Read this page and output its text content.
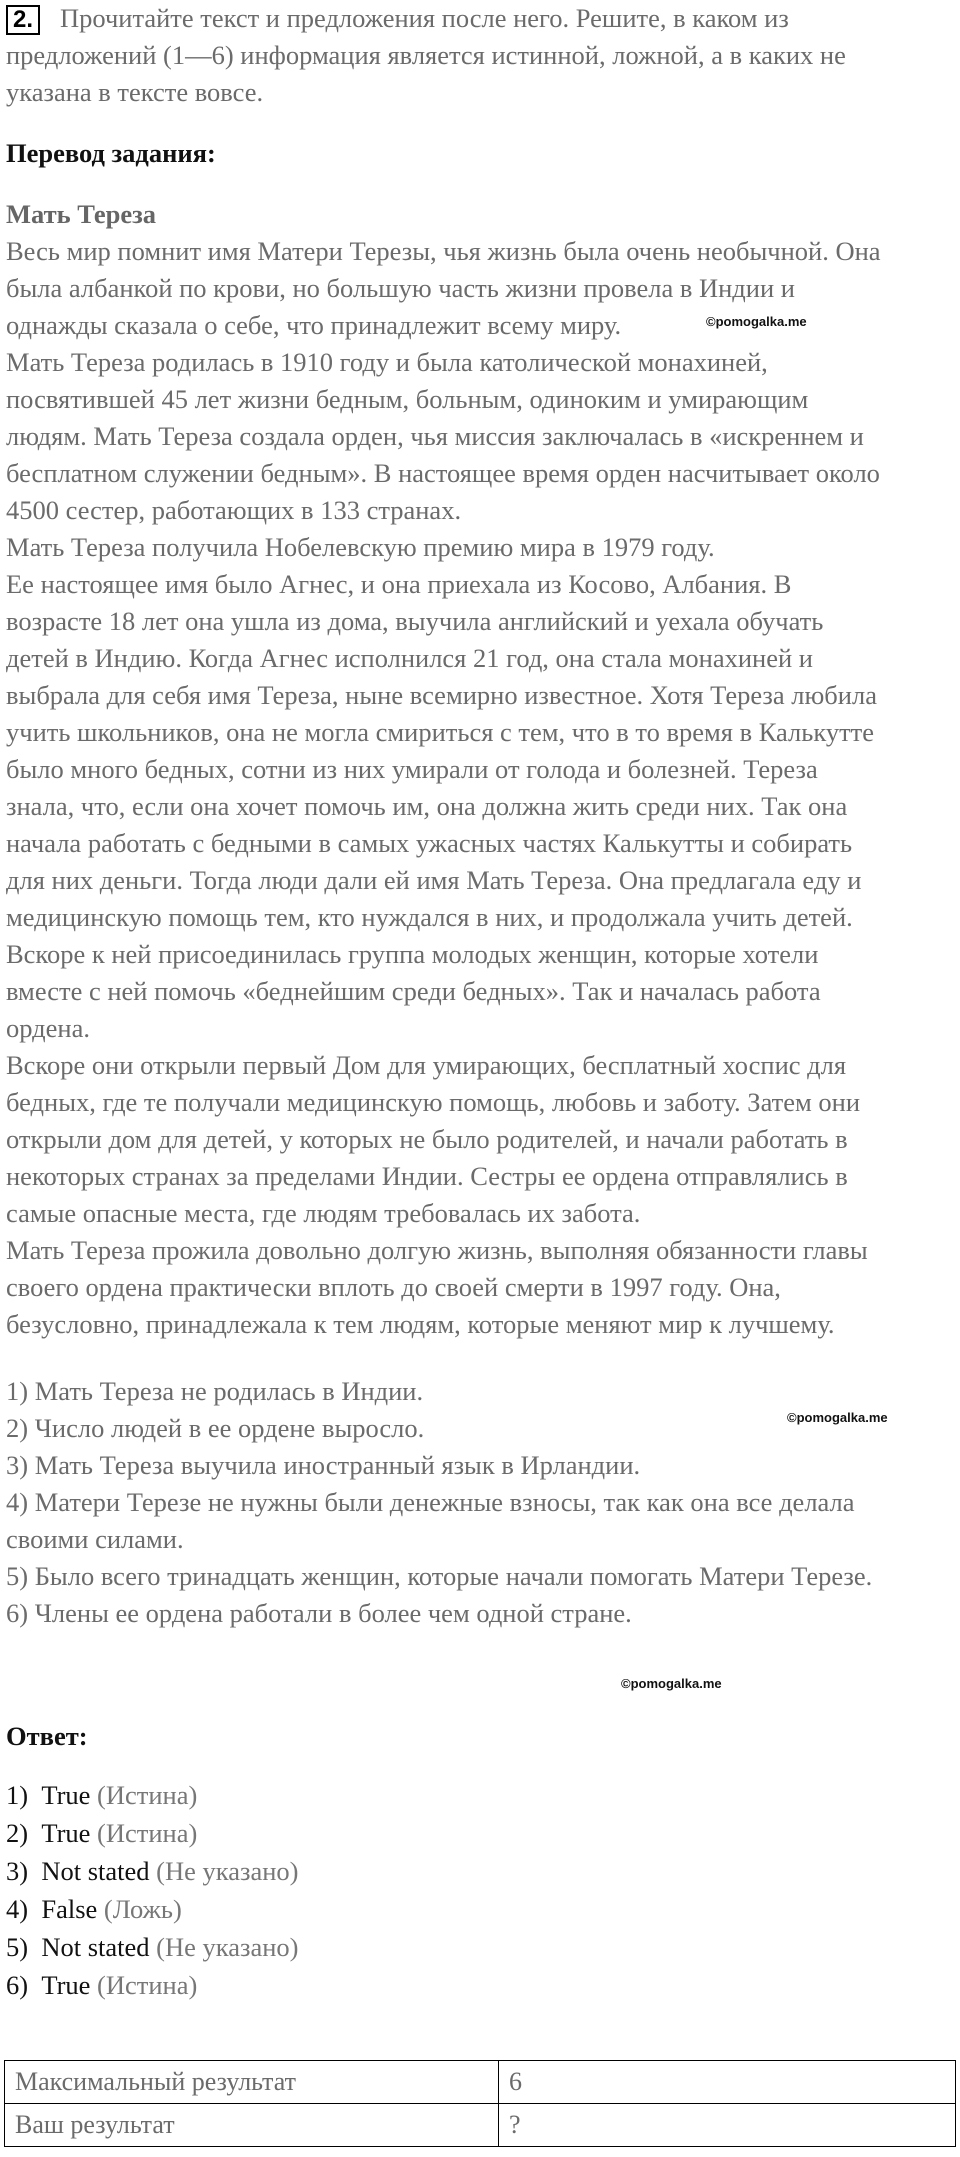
2. Прочитайте текст и предложения после него. Решите, в каком из
предложений (1—6) информация является истинной, ложной, а в каких не
указана в тексте вовсе.
Перевод задания:
Мать Тереза
Весь мир помнит имя Матери Терезы, чья жизнь была очень необычной. Она
была албанкой по крови, но большую часть жизни провела в Индии и
однажды сказала о себе, что принадлежит всему миру.
Мать Тереза родилась в 1910 году и была католической монахиней,
посвятившей 45 лет жизни бедным, больным, одиноким и умирающим
людям. Мать Тереза создала орден, чья миссия заключалась в «искреннем и
бесплатном служении бедным». В настоящее время орден насчитывает около
4500 сестер, работающих в 133 странах.
Мать Тереза получила Нобелевскую премию мира в 1979 году.
Ее настоящее имя было Агнес, и она приехала из Косово, Албания. В
возрасте 18 лет она ушла из дома, выучила английский и уехала обучать
детей в Индию. Когда Агнес исполнился 21 год, она стала монахиней и
выбрала для себя имя Тереза, ныне всемирно известное. Хотя Тереза любила
учить школьников, она не могла смириться с тем, что в то время в Калькутте
было много бедных, сотни из них умирали от голода и болезней. Тереза
знала, что, если она хочет помочь им, она должна жить среди них. Так она
начала работать с бедными в самых ужасных частях Калькутты и собирать
для них деньги. Тогда люди дали ей имя Мать Тереза. Она предлагала еду и
медицинскую помощь тем, кто нуждался в них, и продолжала учить детей.
Вскоре к ней присоединилась группа молодых женщин, которые хотели
вместе с ней помочь «беднейшим среди бедных». Так и началась работа
ордена.
Вскоре они открыли первый Дом для умирающих, бесплатный хоспис для
бедных, где те получали медицинскую помощь, любовь и заботу. Затем они
открыли дом для детей, у которых не было родителей, и начали работать в
некоторых странах за пределами Индии. Сестры ее ордена отправлялись в
самые опасные места, где людям требовалась их забота.
Мать Тереза прожила довольно долгую жизнь, выполняя обязанности главы
своего ордена практически вплоть до своей смерти в 1997 году. Она,
безусловно, принадлежала к тем людям, которые меняют мир к лучшему.
1) Мать Тереза не родилась в Индии.
2) Число людей в ее ордене выросло.
3) Мать Тереза выучила иностранный язык в Ирландии.
4) Матери Терезе не нужны были денежные взносы, так как она все делала
своими силами.
5) Было всего тринадцать женщин, которые начали помогать Матери Терезе.
6) Члены ее ордена работали в более чем одной стране.
©pomogalka.me
©pomogalka.me
©pomogalka.me
Ответ:
1) True (Истина)
2) True (Истина)
3) Not stated (Не указано)
4) False (Ложь)
5) Not stated (Не указано)
6) True (Истина)
Максимальный результат	6
Ваш результат	?
